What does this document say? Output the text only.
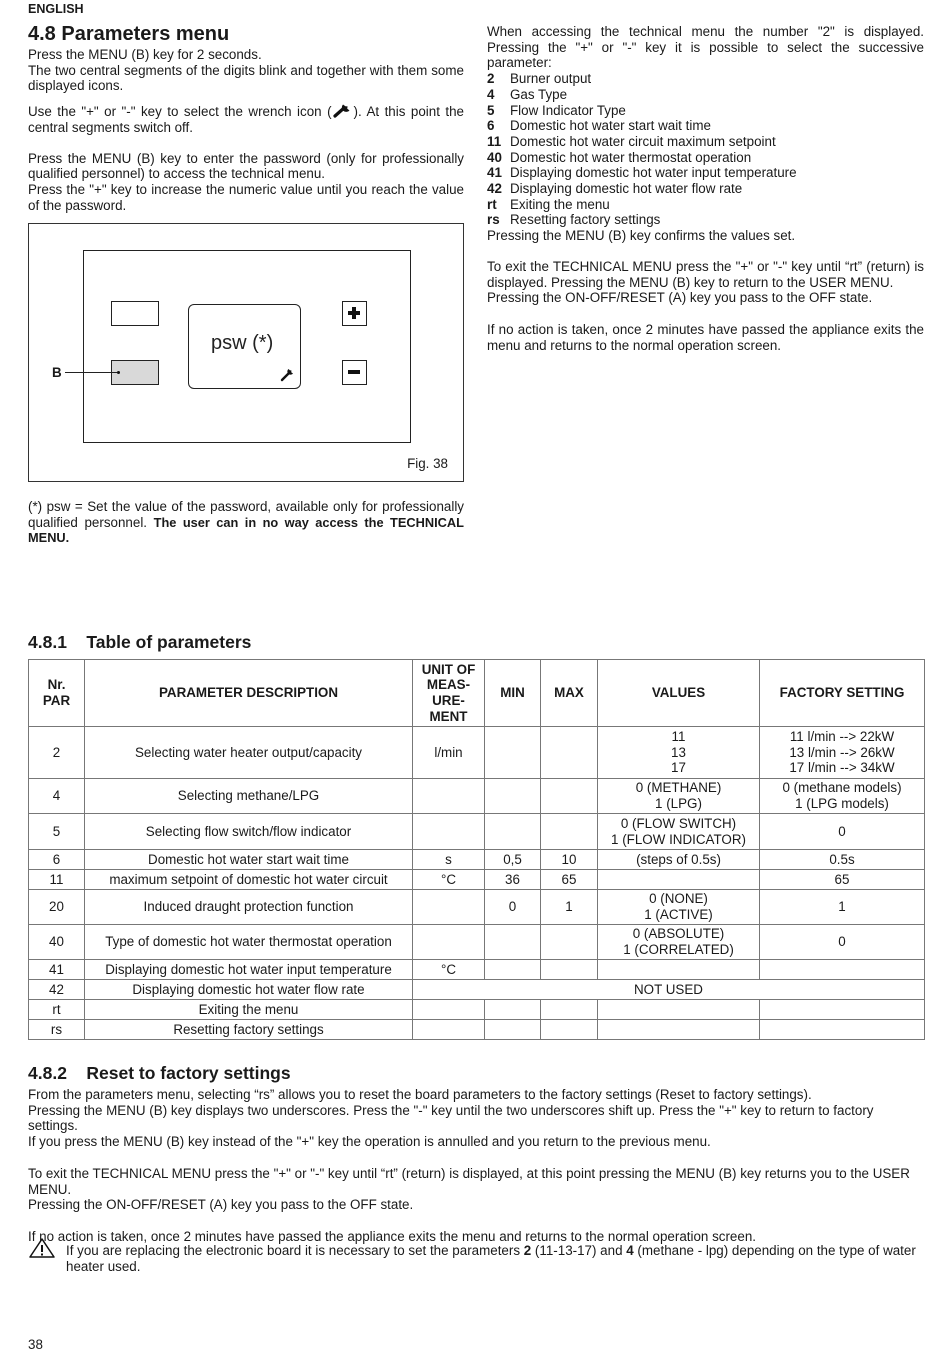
ENGLISH
4.8 Parameters menu

Press the MENU (B) key for 2 seconds.

The two central segments of the digits blink and together with them some displayed icons.

Use the "+" or "-" key to select the wrench icon ( ). At this point the central segments switch off.

Press the MENU (B) key to enter the password (only for professionally qualified personnel) to access the technical menu.

Press the "+" key to increase the numeric value until you reach the value of the password.

B
psw (*)
Fig. 38
(*) psw = Set the value of the password, available only for professionally qualified personnel. The user can in no way access the TECHNICAL MENU.

When accessing the technical menu the number "2" is displayed. Pressing the "+" or "-" key it is possible to select the successive parameter:

2	Burner output
4	Gas Type
5	Flow Indicator Type
6	Domestic hot water start wait time
11 Domestic hot water circuit maximum setpoint
40 Domestic hot water thermostat operation
41 Displaying domestic hot water input temperature
42 Displaying domestic hot water flow rate
rt Exiting the menu
rs Resetting factory settings

Pressing the MENU (B) key confirms the values set.

To exit the TECHNICAL MENU press the "+" or "-" key until “rt” (return) is displayed. Pressing the MENU (B) key to return to the USER MENU.

Pressing the ON-OFF/RESET (A) key you pass to the OFF state.

If no action is taken, once 2 minutes have passed the appliance exits the menu and returns to the normal operation screen.

4.8.1    Table of parameters
Nr.
PAR	PARAMETER DESCRIPTION	UNIT OF
MEAS-
URE-
MENT	MIN	MAX	VALUES	FACTORY SETTING
2	Selecting water heater output/capacity	l/min			11
13
17	11 l/min --> 22kW
13 l/min --> 26kW
17 l/min --> 34kW
4	Selecting methane/LPG				0 (METHANE)
1 (LPG)	0 (methane models)
1 (LPG models)
5	Selecting flow switch/flow indicator				0 (FLOW SWITCH)
1 (FLOW INDICATOR)	0
6	Domestic hot water start wait time	s	0,5	10	(steps of 0.5s)	0.5s
11	maximum setpoint of domestic hot water circuit	°C	36	65		65
20	Induced draught protection function		0	1	0 (NONE)
1 (ACTIVE)	1
40	Type of domestic hot water thermostat operation				0 (ABSOLUTE)
1 (CORRELATED)	0
41	Displaying domestic hot water input temperature	°C				
42	Displaying domestic hot water flow rate	NOT USED				
rt	Exiting the menu					
rs	Resetting factory settings					
4.8.2    Reset to factory settings

From the parameters menu, selecting “rs” allows you to reset the board parameters to the factory settings (Reset to factory settings).

Pressing the MENU (B) key displays two underscores. Press the "-" key until the two underscores shift up. Press the "+" key to return to factory settings.

If you press the MENU (B) key instead of the "+" key the operation is annulled and you return to the previous menu.

To exit the TECHNICAL MENU press the "+" or "-" key until “rt” (return) is displayed, at this point pressing the MENU (B) key returns you to the USER MENU.

Pressing the ON-OFF/RESET (A) key you pass to the OFF state.

If no action is taken, once 2 minutes have passed the appliance exits the menu and returns to the normal operation screen.

If you are replacing the electronic board it is necessary to set the parameters 2 (11-13-17) and 4 (methane - lpg) depending on the type of water heater used.
38
